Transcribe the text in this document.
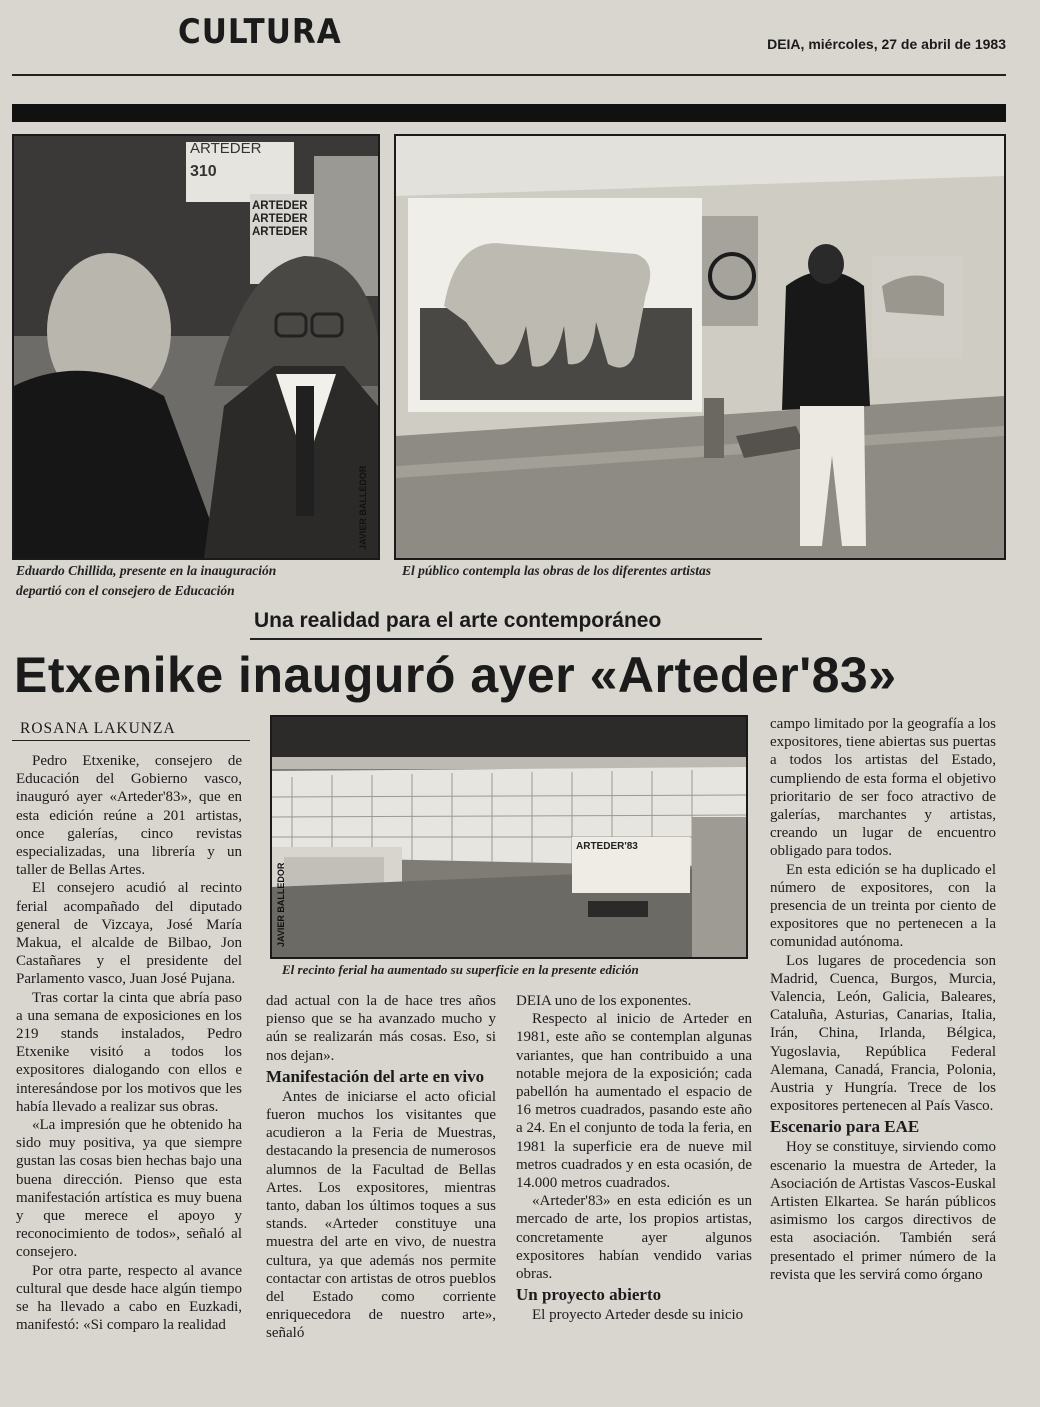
CULTURA	DEIA, miércoles, 27 de abril de 1983
ARTEDER
310
ARTEDER
ARTEDER
ARTEDER
JAVIER BALLEDOR
Eduardo Chillida, presente en la inauguración
departió con el consejero de Educación
El público contempla las obras de los diferentes artistas
Una realidad para el arte contemporáneo
Etxenike inauguró ayer «Arteder'83»
ROSANA LAKUNZA
ARTEDER'83
JAVIER BALLEDOR
El recinto ferial ha aumentado su superficie en la presente edición

Pedro Etxenike, consejero de Educación del Gobierno vasco, inauguró ayer «Arteder'83», que en esta edición reúne a 201 artistas, once galerías, cinco revistas especializadas, una librería y un taller de Bellas Artes.

El consejero acudió al recinto ferial acompañado del diputado general de Vizcaya, José María Makua, el alcalde de Bilbao, Jon Castañares y el presidente del Parlamento vasco, Juan José Pujana.

Tras cortar la cinta que abría paso a una semana de exposiciones en los 219 stands instalados, Pedro Etxenike visitó a todos los expositores dialogando con ellos e interesándose por los motivos que les había llevado a realizar sus obras.

«La impresión que he obtenido ha sido muy positiva, ya que siempre gustan las cosas bien hechas bajo una buena dirección. Pienso que esta manifestación artística es muy buena y que merece el apoyo y reconocimiento de todos», señaló al consejero.

Por otra parte, respecto al avance cultural que desde hace algún tiempo se ha llevado a cabo en Euzkadi, manifestó: «Si comparo la realidad

dad actual con la de hace tres años pienso que se ha avanzado mucho y aún se realizarán más cosas. Eso, si nos dejan».

Manifestación del arte en vivo

Antes de iniciarse el acto oficial fueron muchos los visitantes que acudieron a la Feria de Muestras, destacando la presencia de numerosos alumnos de la Facultad de Bellas Artes. Los expositores, mientras tanto, daban los últimos toques a sus stands. «Arteder constituye una muestra del arte en vivo, de nuestra cultura, ya que además nos permite contactar con artistas de otros pueblos del Estado como corriente enriquecedora de nuestro arte», señaló

DEIA uno de los exponentes.

Respecto al inicio de Arteder en 1981, este año se contemplan algunas variantes, que han contribuido a una notable mejora de la exposición; cada pabellón ha aumentado el espacio de 16 metros cuadrados, pasando este año a 24. En el conjunto de toda la feria, en 1981 la superficie era de nueve mil metros cuadrados y en esta ocasión, de 14.000 metros cuadrados.

«Arteder'83» en esta edición es un mercado de arte, los propios artistas, concretamente ayer algunos expositores habían vendido varias obras.

Un proyecto abierto

El proyecto Arteder desde su inicio

campo limitado por la geografía a los expositores, tiene abiertas sus puertas a todos los artistas del Estado, cumpliendo de esta forma el objetivo prioritario de ser foco atractivo de galerías, marchantes y artistas, creando un lugar de encuentro obligado para todos.

En esta edición se ha duplicado el número de expositores, con la presencia de un treinta por ciento de expositores que no pertenecen a la comunidad autónoma.

Los lugares de procedencia son Madrid, Cuenca, Burgos, Murcia, Valencia, León, Galicia, Baleares, Cataluña, Asturias, Canarias, Italia, Irán, China, Irlanda, Bélgica, Yugoslavia, República Federal Alemana, Canadá, Francia, Polonia, Austria y Hungría. Trece de los expositores pertenecen al País Vasco.

Escenario para EAE

Hoy se constituye, sirviendo como escenario la muestra de Arteder, la Asociación de Artistas Vascos-Euskal Artisten Elkartea. Se harán públicos asimismo los cargos directivos de esta asociación. También será presentado el primer número de la revista que les servirá como órgano
